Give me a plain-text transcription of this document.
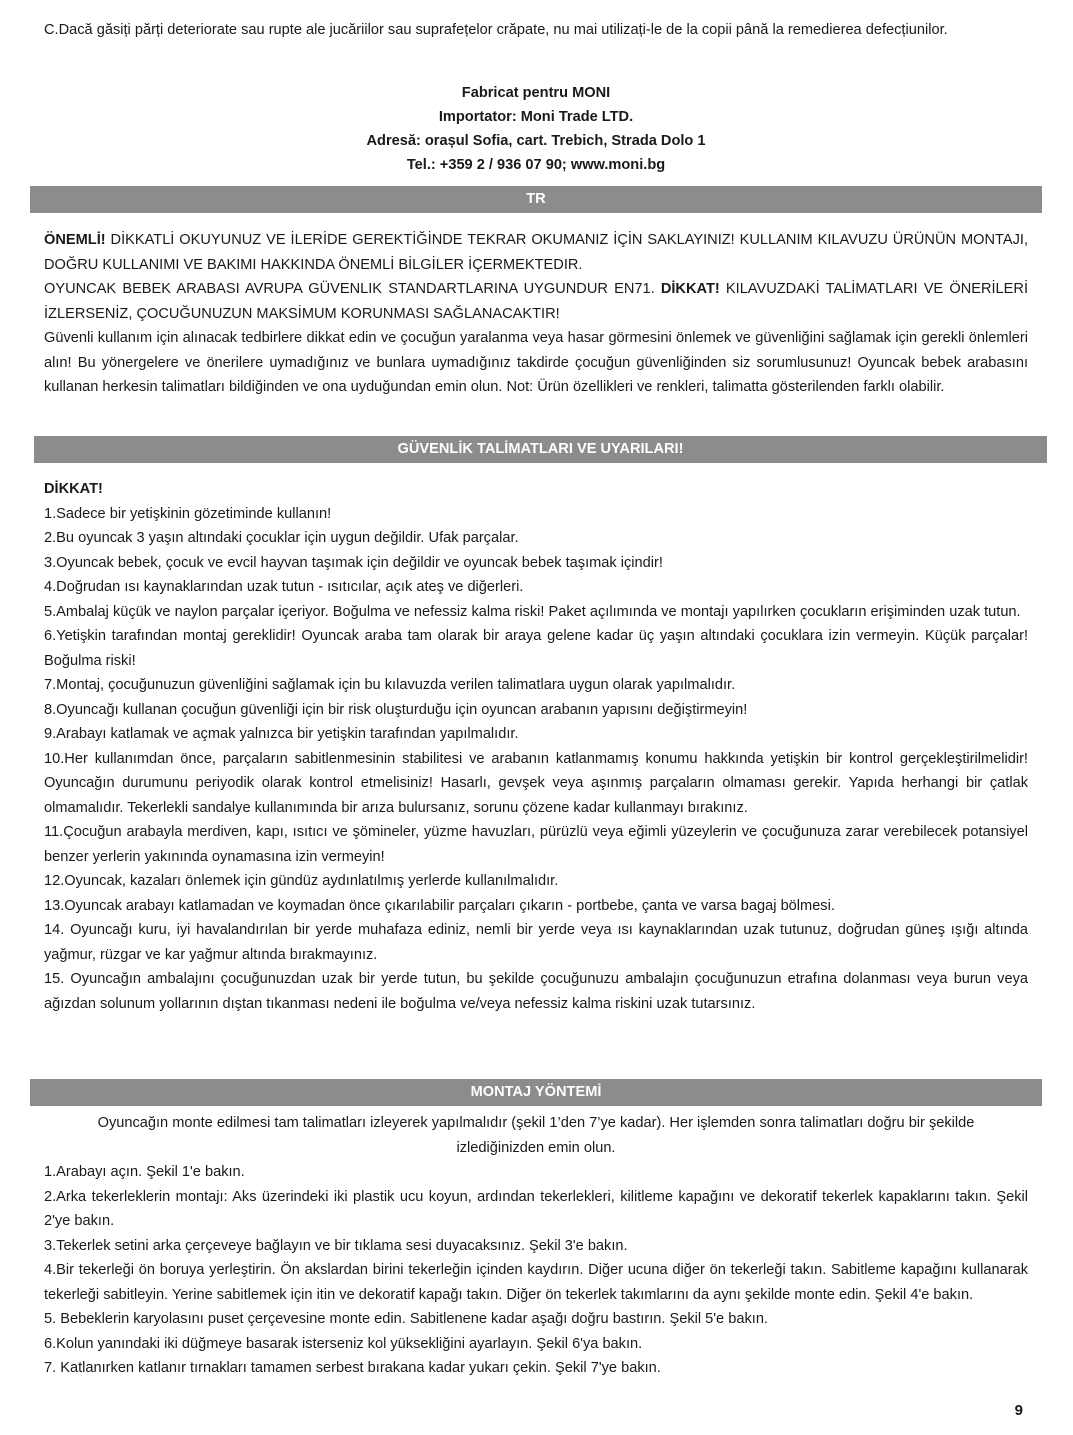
C.Dacă găsiți părți deteriorate sau rupte ale jucăriilor sau suprafețelor crăpate, nu mai utilizați-le de la copii până la remedierea defecțiunilor.

Fabricat pentru MONI
Importator: Moni Trade LTD.
Adresă: orașul Sofia, cart. Trebich, Strada Dolo 1
Tel.: +359 2 / 936 07 90; www.moni.bg
TR

ÖNEMLİ! DİKKATLİ OKUYUNUZ VE İLERİDE GEREKTİĞİNDE TEKRAR OKUMANIZ İÇİN SAKLAYINIZ! KULLANIM KILAVUZU ÜRÜNÜN MONTAJI, DOĞRU KULLANIMI VE BAKIMI HAKKINDA ÖNEMLİ BİLGİLER İÇERMEKTEDIR.

OYUNCAK BEBEK ARABASI AVRUPA GÜVENLIK STANDARTLARINA UYGUNDUR EN71. DİKKAT! KILAVUZDAKİ TALİMATLARI VE ÖNERİLERİ İZLERSENİZ, ÇOCUĞUNUZUN MAKSİMUM KORUNMASI SAĞLANACAKTIR!

Güvenli kullanım için alınacak tedbirlere dikkat edin ve çocuğun yaralanma veya hasar görmesini önlemek ve güvenliğini sağlamak için gerekli önlemleri alın! Bu yönergelere ve önerilere uymadığınız ve bunlara uymadığınız takdirde çocuğun güvenliğinden siz sorumlusunuz! Oyuncak bebek arabasını kullanan herkesin talimatları bildiğinden ve ona uyduğundan emin olun. Not: Ürün özellikleri ve renkleri, talimatta gösterilenden farklı olabilir.

GÜVENLİK TALİMATLARI VE UYARILARI!

DİKKAT!

1.Sadece bir yetişkinin gözetiminde kullanın!

2.Bu oyuncak 3 yaşın altındaki çocuklar için uygun değildir. Ufak parçalar.

3.Oyuncak bebek, çocuk ve evcil hayvan taşımak için değildir ve oyuncak bebek taşımak içindir!

4.Doğrudan ısı kaynaklarından uzak tutun - ısıtıcılar, açık ateş ve diğerleri.

5.Ambalaj küçük ve naylon parçalar içeriyor. Boğulma ve nefessiz kalma riski! Paket açılımında ve montajı yapılırken çocukların erişiminden uzak tutun.

6.Yetişkin tarafından montaj gereklidir! Oyuncak araba tam olarak bir araya gelene kadar üç yaşın altındaki çocuklara izin vermeyin. Küçük parçalar! Boğulma riski!

7.Montaj, çocuğunuzun güvenliğini sağlamak için bu kılavuzda verilen talimatlara uygun olarak yapılmalıdır.

8.Oyuncağı kullanan çocuğun güvenliği için bir risk oluşturduğu için oyuncan arabanın yapısını değiştirmeyin!

9.Arabayı katlamak ve açmak yalnızca bir yetişkin tarafından yapılmalıdır.

10.Her kullanımdan önce, parçaların sabitlenmesinin stabilitesi ve arabanın katlanmamış konumu hakkında yetişkin bir kontrol gerçekleştirilmelidir! Oyuncağın durumunu periyodik olarak kontrol etmelisiniz! Hasarlı, gevşek veya aşınmış parçaların olmaması gerekir. Yapıda herhangi bir çatlak olmamalıdır. Tekerlekli sandalye kullanımında bir arıza bulursanız, sorunu çözene kadar kullanmayı bırakınız.

11.Çocuğun arabayla merdiven, kapı, ısıtıcı ve şömineler, yüzme havuzları, pürüzlü veya eğimli yüzeylerin ve çocuğunuza zarar verebilecek potansiyel benzer yerlerin yakınında oynamasına izin vermeyin!

12.Oyuncak, kazaları önlemek için gündüz aydınlatılmış yerlerde kullanılmalıdır.

13.Oyuncak arabayı katlamadan ve koymadan önce çıkarılabilir parçaları çıkarın - portbebe, çanta ve varsa bagaj bölmesi.

14. Oyuncağı kuru, iyi havalandırılan bir yerde muhafaza ediniz, nemli bir yerde veya ısı kaynaklarından uzak tutunuz, doğrudan güneş ışığı altında yağmur, rüzgar ve kar yağmur altında bırakmayınız.

15. Oyuncağın ambalajını çocuğunuzdan uzak bir yerde tutun, bu şekilde çocuğunuzu ambalajın çocuğunuzun etrafına dolanması veya burun veya ağızdan solunum yollarının dıştan tıkanması nedeni ile boğulma ve/veya nefessiz kalma riskini uzak tutarsınız.

MONTAJ YÖNTEMİ

Oyuncağın monte edilmesi tam talimatları izleyerek yapılmalıdır (şekil 1’den 7’ye kadar). Her işlemden sonra talimatları doğru bir şekilde izlediğinizden emin olun.

1.Arabayı açın. Şekil 1'e bakın.

2.Arka tekerleklerin montajı: Aks üzerindeki iki plastik ucu koyun, ardından tekerlekleri, kilitleme kapağını ve dekoratif tekerlek kapaklarını takın. Şekil 2'ye bakın.

3.Tekerlek setini arka çerçeveye bağlayın ve bir tıklama sesi duyacaksınız. Şekil 3'e bakın.

4.Bir tekerleği ön boruya yerleştirin. Ön akslardan birini tekerleğin içinden kaydırın. Diğer ucuna diğer ön tekerleği takın. Sabitleme kapağını kullanarak tekerleği sabitleyin. Yerine sabitlemek için itin ve dekoratif kapağı takın. Diğer ön tekerlek takımlarını da aynı şekilde monte edin. Şekil 4'e bakın.

5. Bebeklerin karyolasını puset çerçevesine monte edin. Sabitlenene kadar aşağı doğru bastırın. Şekil 5'e bakın.

6.Kolun yanındaki iki düğmeye basarak isterseniz kol yüksekliğini ayarlayın. Şekil 6'ya bakın.

7. Katlanırken katlanır tırnakları tamamen serbest bırakana kadar yukarı çekin. Şekil 7'ye bakın.

9
